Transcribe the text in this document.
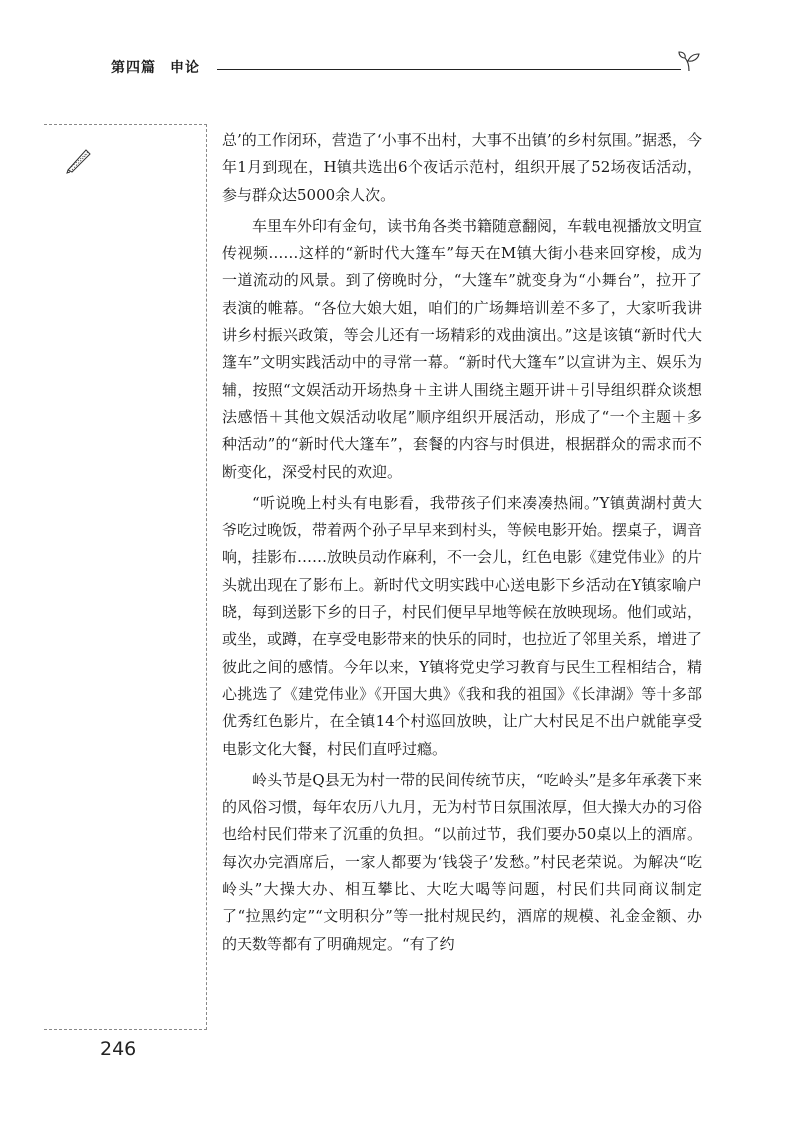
第四篇 申论

总’的工作闭环，营造了‘小事不出村，大事不出镇’的乡村氛围。”据悉，今年1月到现在，H镇共选出6个夜话示范村，组织开展了52场夜话活动，参与群众达5000余人次。

车里车外印有金句，读书角各类书籍随意翻阅，车载电视播放文明宣传视频……这样的“新时代大篷车”每天在M镇大街小巷来回穿梭，成为一道流动的风景。到了傍晚时分，“大篷车”就变身为“小舞台”，拉开了表演的帷幕。“各位大娘大姐，咱们的广场舞培训差不多了，大家听我讲讲乡村振兴政策，等会儿还有一场精彩的戏曲演出。”这是该镇“新时代大篷车”文明实践活动中的寻常一幕。“新时代大篷车”以宣讲为主、娱乐为辅，按照“文娱活动开场热身＋主讲人围绕主题开讲＋引导组织群众谈想法感悟＋其他文娱活动收尾”顺序组织开展活动，形成了“一个主题＋多种活动”的“新时代大篷车”，套餐的内容与时俱进，根据群众的需求而不断变化，深受村民的欢迎。

“听说晚上村头有电影看，我带孩子们来凑凑热闹。”Y镇黄湖村黄大爷吃过晚饭，带着两个孙子早早来到村头，等候电影开始。摆桌子，调音响，挂影布……放映员动作麻利，不一会儿，红色电影《建党伟业》的片头就出现在了影布上。新时代文明实践中心送电影下乡活动在Y镇家喻户晓，每到送影下乡的日子，村民们便早早地等候在放映现场。他们或站，或坐，或蹲，在享受电影带来的快乐的同时，也拉近了邻里关系，增进了彼此之间的感情。今年以来，Y镇将党史学习教育与民生工程相结合，精心挑选了《建党伟业》《开国大典》《我和我的祖国》《长津湖》等十多部优秀红色影片，在全镇14个村巡回放映，让广大村民足不出户就能享受电影文化大餐，村民们直呼过瘾。

岭头节是Q县无为村一带的民间传统节庆，“吃岭头”是多年承袭下来的风俗习惯，每年农历八九月，无为村节日氛围浓厚，但大操大办的习俗也给村民们带来了沉重的负担。“以前过节，我们要办50桌以上的酒席。每次办完酒席后，一家人都要为‘钱袋子’发愁。”村民老荣说。为解决“吃岭头”大操大办、相互攀比、大吃大喝等问题，村民们共同商议制定了“拉黑约定”“文明积分”等一批村规民约，酒席的规模、礼金金额、办的天数等都有了明确规定。“有了约

246
